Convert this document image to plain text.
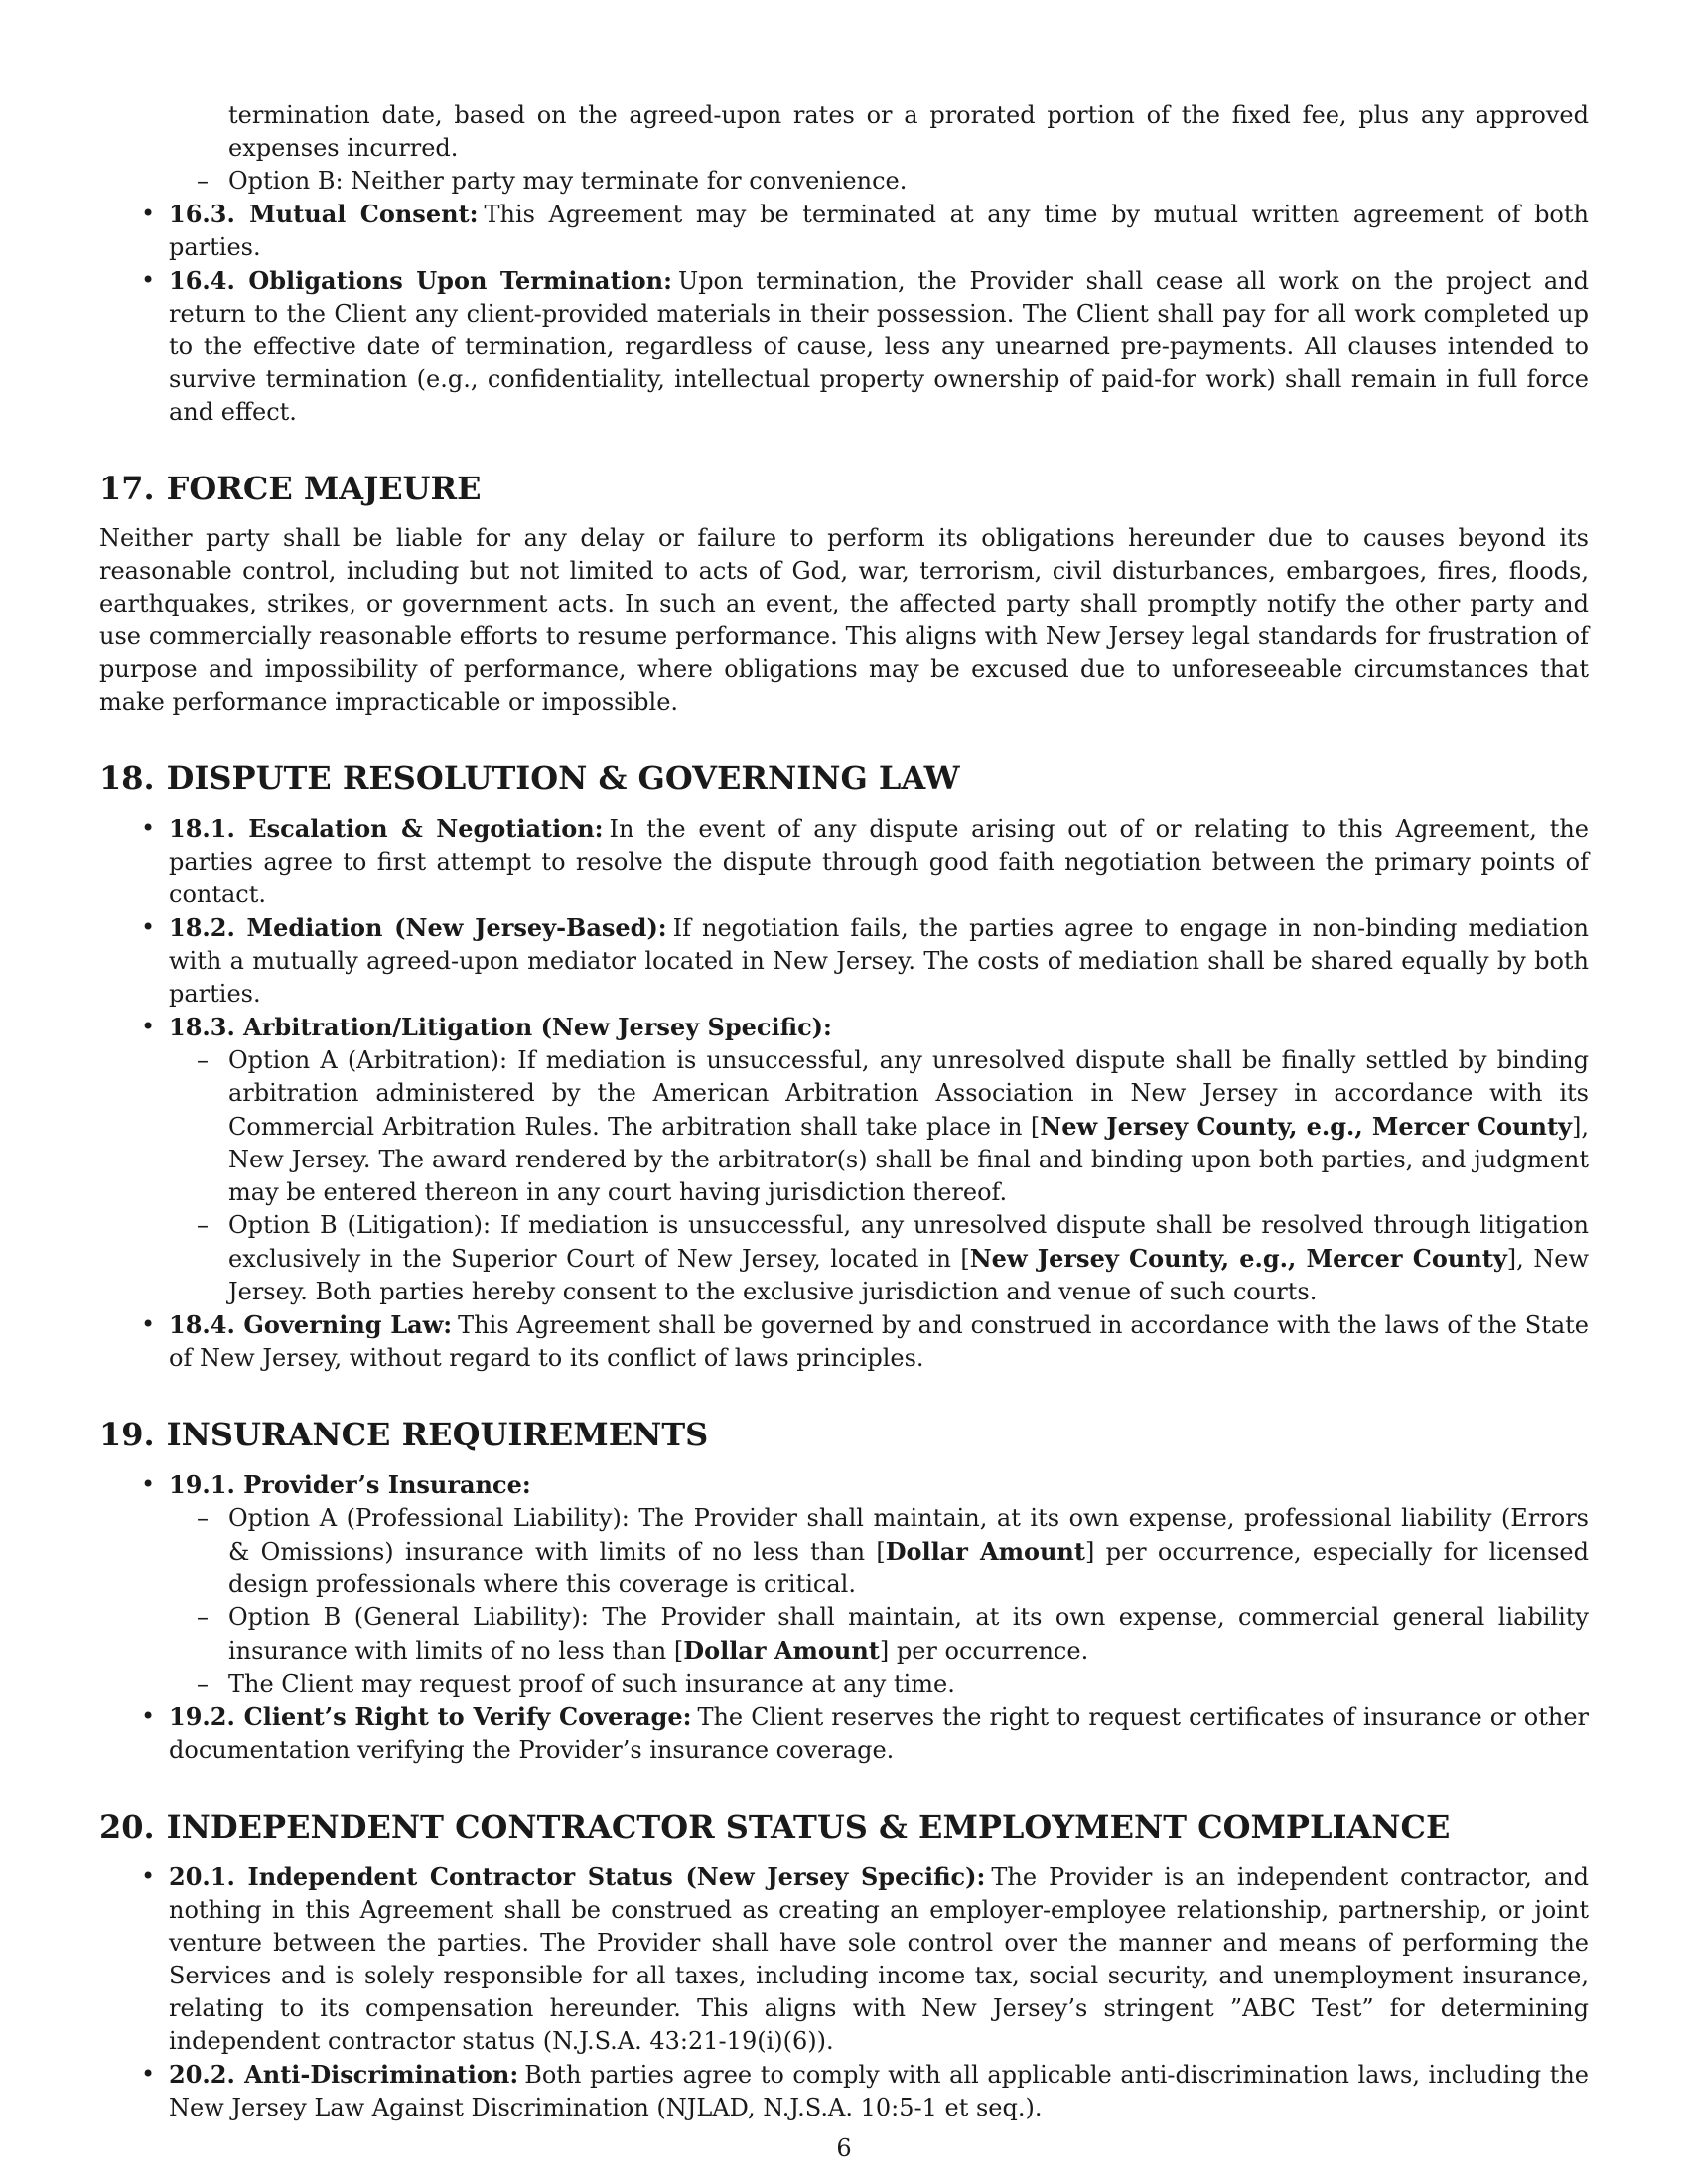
termination date, based on the agreed-upon rates or a prorated portion of the fixed fee, plus any approved expenses incurred.

– Option B: Neither party may terminate for convenience.

• 16.3. Mutual Consent: This Agreement may be terminated at any time by mutual written agreement of both parties.
• 16.4. Obligations Upon Termination: Upon termination, the Provider shall cease all work on the project and return to the Client any client-provided materials in their possession. The Client shall pay for all work completed up to the effective date of termination, regardless of cause, less any unearned pre-payments. All clauses intended to survive termination (e.g., confidentiality, intellectual property ownership of paid-for work) shall remain in full force and effect.
17. FORCE MAJEURE

Neither party shall be liable for any delay or failure to perform its obligations hereunder due to causes beyond its reasonable control, including but not limited to acts of God, war, terrorism, civil disturbances, embargoes, fires, floods, earthquakes, strikes, or government acts. In such an event, the affected party shall promptly notify the other party and use commercially reasonable efforts to resume performance. This aligns with New Jersey legal standards for frustration of purpose and impossibility of performance, where obligations may be excused due to unforeseeable circumstances that make performance impracticable or impossible.

18. DISPUTE RESOLUTION & GOVERNING LAW
• 18.1. Escalation & Negotiation: In the event of any dispute arising out of or relating to this Agreement, the parties agree to first attempt to resolve the dispute through good faith negotiation between the primary points of contact.
• 18.2. Mediation (New Jersey-Based): If negotiation fails, the parties agree to engage in non-binding mediation with a mutually agreed-upon mediator located in New Jersey. The costs of mediation shall be shared equally by both parties.
• 18.3. Arbitration/Litigation (New Jersey Specific):
– Option A (Arbitration): If mediation is unsuccessful, any unresolved dispute shall be finally settled by binding arbitration administered by the American Arbitration Association in New Jersey in accordance with its Commercial Arbitration Rules. The arbitration shall take place in [New Jersey County, e.g., Mercer County], New Jersey. The award rendered by the arbitrator(s) shall be final and binding upon both parties, and judgment may be entered thereon in any court having jurisdiction thereof.
– Option B (Litigation): If mediation is unsuccessful, any unresolved dispute shall be resolved through litigation exclusively in the Superior Court of New Jersey, located in [New Jersey County, e.g., Mercer County], New Jersey. Both parties hereby consent to the exclusive jurisdiction and venue of such courts.
• 18.4. Governing Law: This Agreement shall be governed by and construed in accordance with the laws of the State of New Jersey, without regard to its conflict of laws principles.
19. INSURANCE REQUIREMENTS
• 19.1. Provider’s Insurance:
– Option A (Professional Liability): The Provider shall maintain, at its own expense, professional liability (Errors & Omissions) insurance with limits of no less than [Dollar Amount] per occurrence, especially for licensed design professionals where this coverage is critical.
– Option B (General Liability): The Provider shall maintain, at its own expense, commercial general liability insurance with limits of no less than [Dollar Amount] per occurrence.
– The Client may request proof of such insurance at any time.
• 19.2. Client’s Right to Verify Coverage: The Client reserves the right to request certificates of insurance or other documentation verifying the Provider’s insurance coverage.
20. INDEPENDENT CONTRACTOR STATUS & EMPLOYMENT COMPLIANCE
• 20.1. Independent Contractor Status (New Jersey Specific): The Provider is an independent contractor, and nothing in this Agreement shall be construed as creating an employer-employee relationship, partnership, or joint venture between the parties. The Provider shall have sole control over the manner and means of performing the Services and is solely responsible for all taxes, including income tax, social security, and unemployment insurance, relating to its compensation hereunder. This aligns with New Jersey’s stringent ”ABC Test” for determining independent contractor status (N.J.S.A. 43:21-19(i)(6)).
• 20.2. Anti-Discrimination: Both parties agree to comply with all applicable anti-discrimination laws, including the New Jersey Law Against Discrimination (NJLAD, N.J.S.A. 10:5-1 et seq.).
6
